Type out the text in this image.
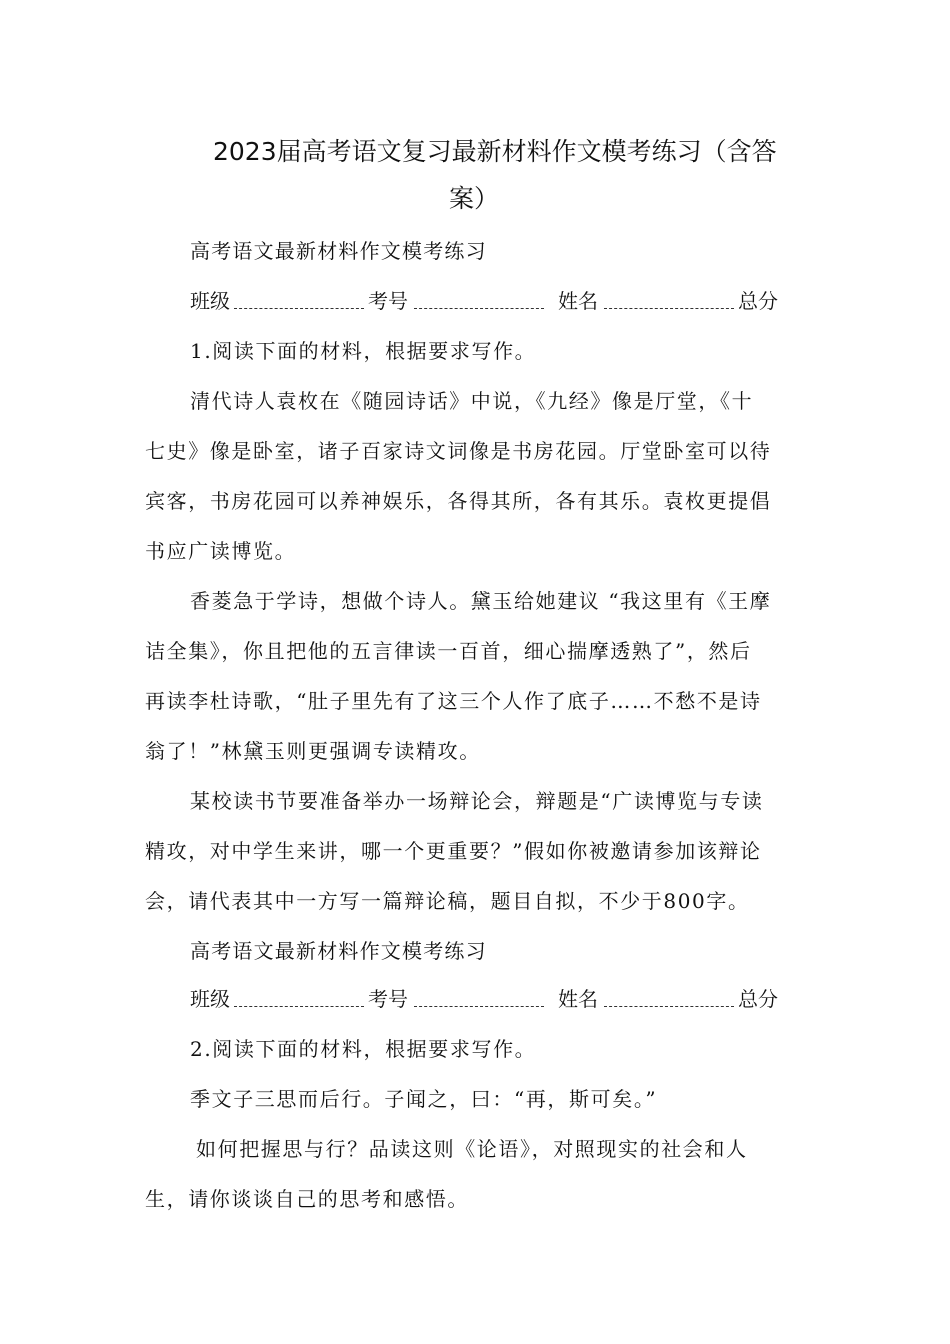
2023届高考语文复习最新材料作文模考练习（含答
案）
高考语文最新材料作文模考练习
班级	考号	姓名	总分
1.阅读下面的材料，根据要求写作。
清代诗人袁枚在《随园诗话》中说，《九经》像是厅堂，《十
七史》像是卧室，诸子百家诗文词像是书房花园。厅堂卧室可以待
宾客，书房花园可以养神娱乐，各得其所，各有其乐。袁枚更提倡
书应广读博览。
香菱急于学诗，想做个诗人。黛玉给她建议 “我这里有《王摩
诘全集》，你且把他的五言律读一百首，细心揣摩透熟了”，然后
再读李杜诗歌，“肚子里先有了这三个人作了底子……不愁不是诗
翁了！”林黛玉则更强调专读精攻。
某校读书节要准备举办一场辩论会，辩题是“广读博览与专读
精攻，对中学生来讲，哪一个更重要？”假如你被邀请参加该辩论
会，请代表其中一方写一篇辩论稿，题目自拟，不少于800字。
高考语文最新材料作文模考练习
班级	考号	姓名	总分
2.阅读下面的材料，根据要求写作。
季文子三思而后行。子闻之，曰：“再，斯可矣。”
如何把握思与行？品读这则《论语》，对照现实的社会和人
生，请你谈谈自己的思考和感悟。
